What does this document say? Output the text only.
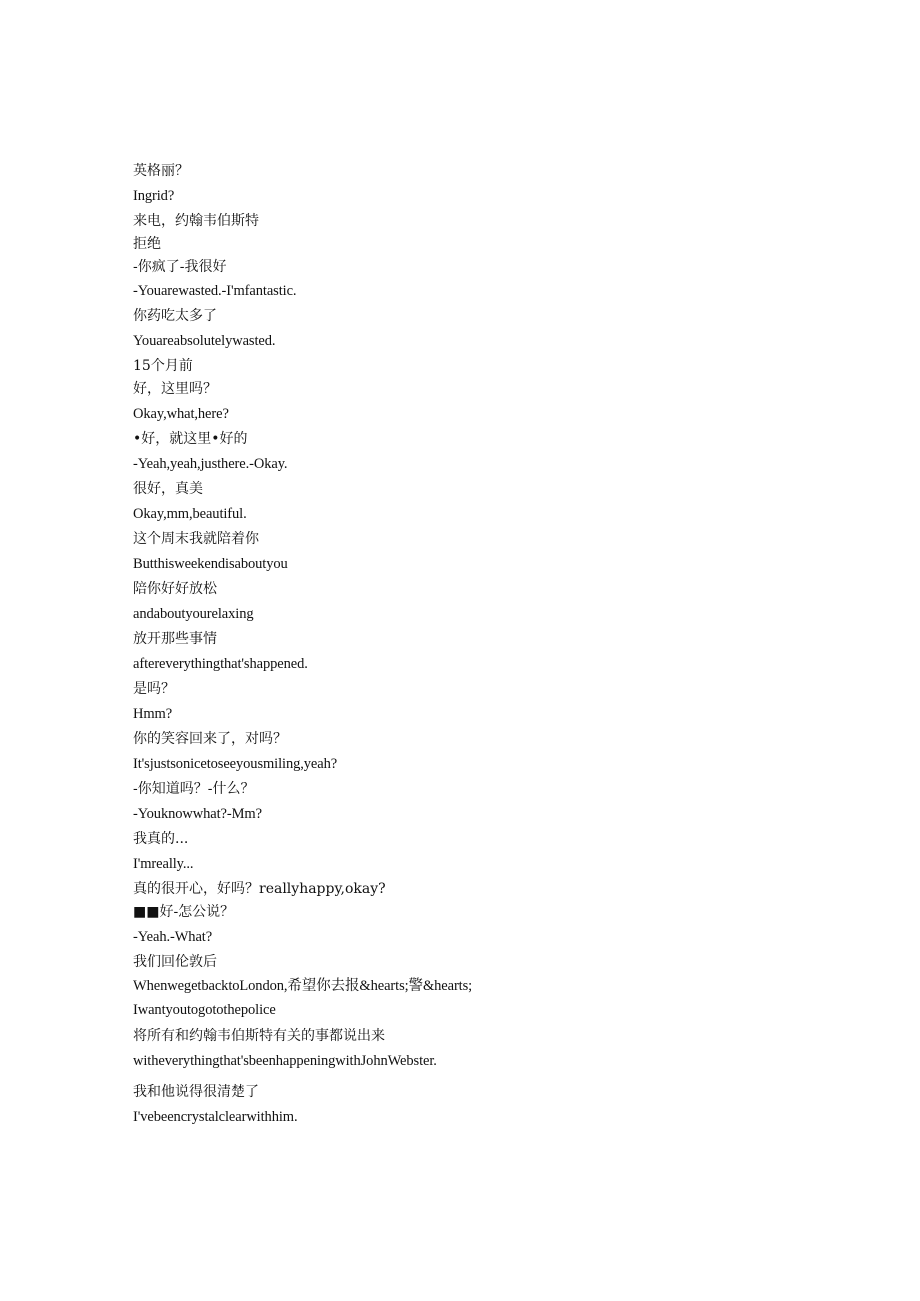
英格丽？
Ingrid?
来电，约翰韦伯斯特
拒绝
-你疯了-我很好
-Youarewasted.-I'mfantastic.
你药吃太多了
Youareabsolutelywasted.
15个月前
好，这里吗？
Okay,what,here?
•好，就这里•好的
-Yeah,yeah,justhere.-Okay.
很好，真美
Okay,mm,beautiful.
这个周末我就陪着你
Butthisweekendisaboutyou
陪你好好放松
andaboutyourelaxing
放开那些事情
aftereverythingthat'shappened.
是吗？
Hmm?
你的笑容回来了，对吗？
It'sjustsonicetoseeyousmiling,yeah?
-你知道吗？-什么？
-Youknowwhat?-Mm?
我真的...
I'mreally...
真的很开心，好吗？reallyhappy,okay?
■■好-怎公说？
-Yeah.-What?
我们回伦敦后
WhenwegetbacktoLondon,希望你去报&hearts;警&hearts;
Iwantyoutogotothepolice
将所有和约翰韦伯斯特有关的事都说出来
witheverythingthat'sbeenhappeningwithJohnWebster.
我和他说得很清楚了
I'vebeencrystalclearwithhim.
